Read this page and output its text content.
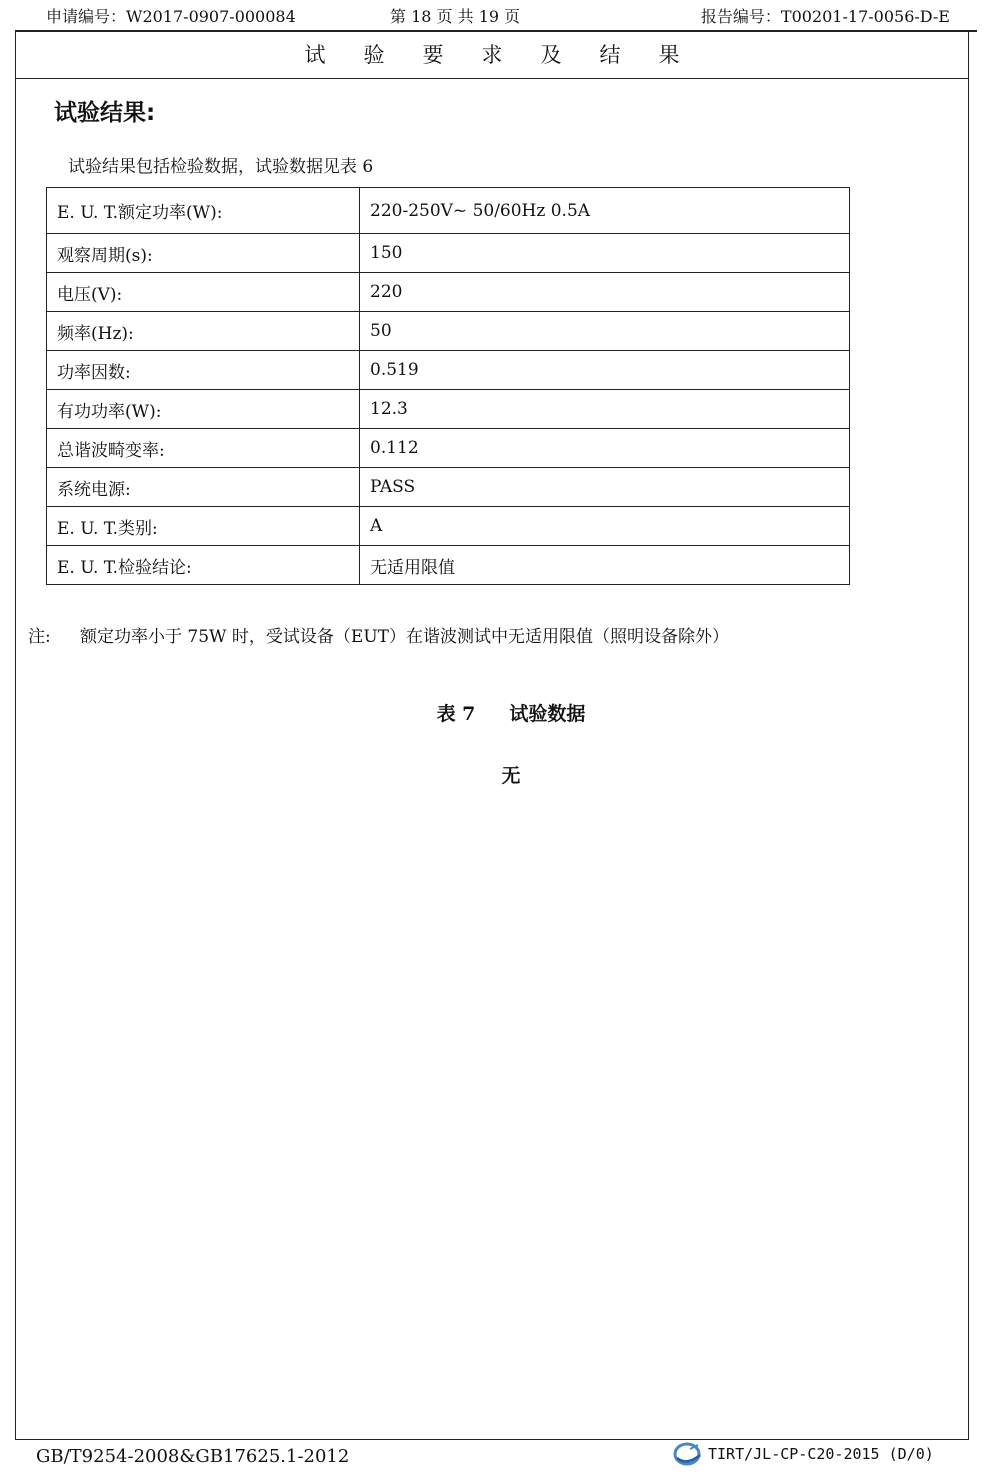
申请编号：W2017-0907-000084	第 18 页 共 19 页	报告编号：T00201-17-0056-D-E
试验要求及结果
试验结果:
试验结果包括检验数据，试验数据见表 6
E. U. T.额定功率(W):	220-250V~ 50/60Hz 0.5A
观察周期(s):	150
电压(V):	220
频率(Hz):	50
功率因数:	0.519
有功功率(W):	12.3
总谐波畸变率:	0.112
系统电源:	PASS
E. U. T.类别:	A
E. U. T.检验结论:	无适用限值
注: 额定功率小于 75W 时，受试设备（EUT）在谐波测试中无适用限值（照明设备除外）
表 7 试验数据
无
GB/T9254-2008&GB17625.1-2012	TIRT/JL-CP-C20-2015 (D/0)
